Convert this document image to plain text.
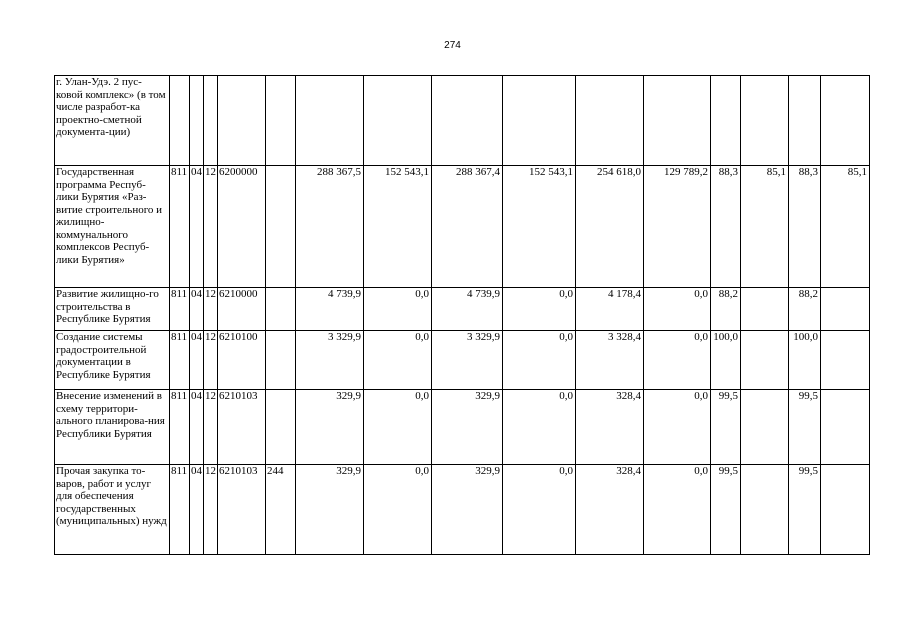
274
г. Улан-Удэ. 2 пус-ковой комплекс» (в том числе разработ-ка проектно-сметной документа-ции)															
Государственная программа Респуб-лики Бурятия «Раз-витие строительного и жилищно-коммунального комплексов Респуб-лики Бурятия»	811	04	12	6200000		288 367,5	152 543,1	288 367,4	152 543,1	254 618,0	129 789,2	88,3	85,1	88,3	85,1
Развитие жилищно-го строительства в Республике Бурятия	811	04	12	6210000		4 739,9	0,0	4 739,9	0,0	4 178,4	0,0	88,2		88,2	
Создание системы градостроительной документации в Республике Бурятия	811	04	12	6210100		3 329,9	0,0	3 329,9	0,0	3 328,4	0,0	100,0		100,0	
Внесение изменений в схему территори-ального планирова-ния Республики Бурятия	811	04	12	6210103		329,9	0,0	329,9	0,0	328,4	0,0	99,5		99,5	
Прочая закупка то-варов, работ и услуг для обеспечения государственных (муниципальных) нужд	811	04	12	6210103	244	329,9	0,0	329,9	0,0	328,4	0,0	99,5		99,5	
